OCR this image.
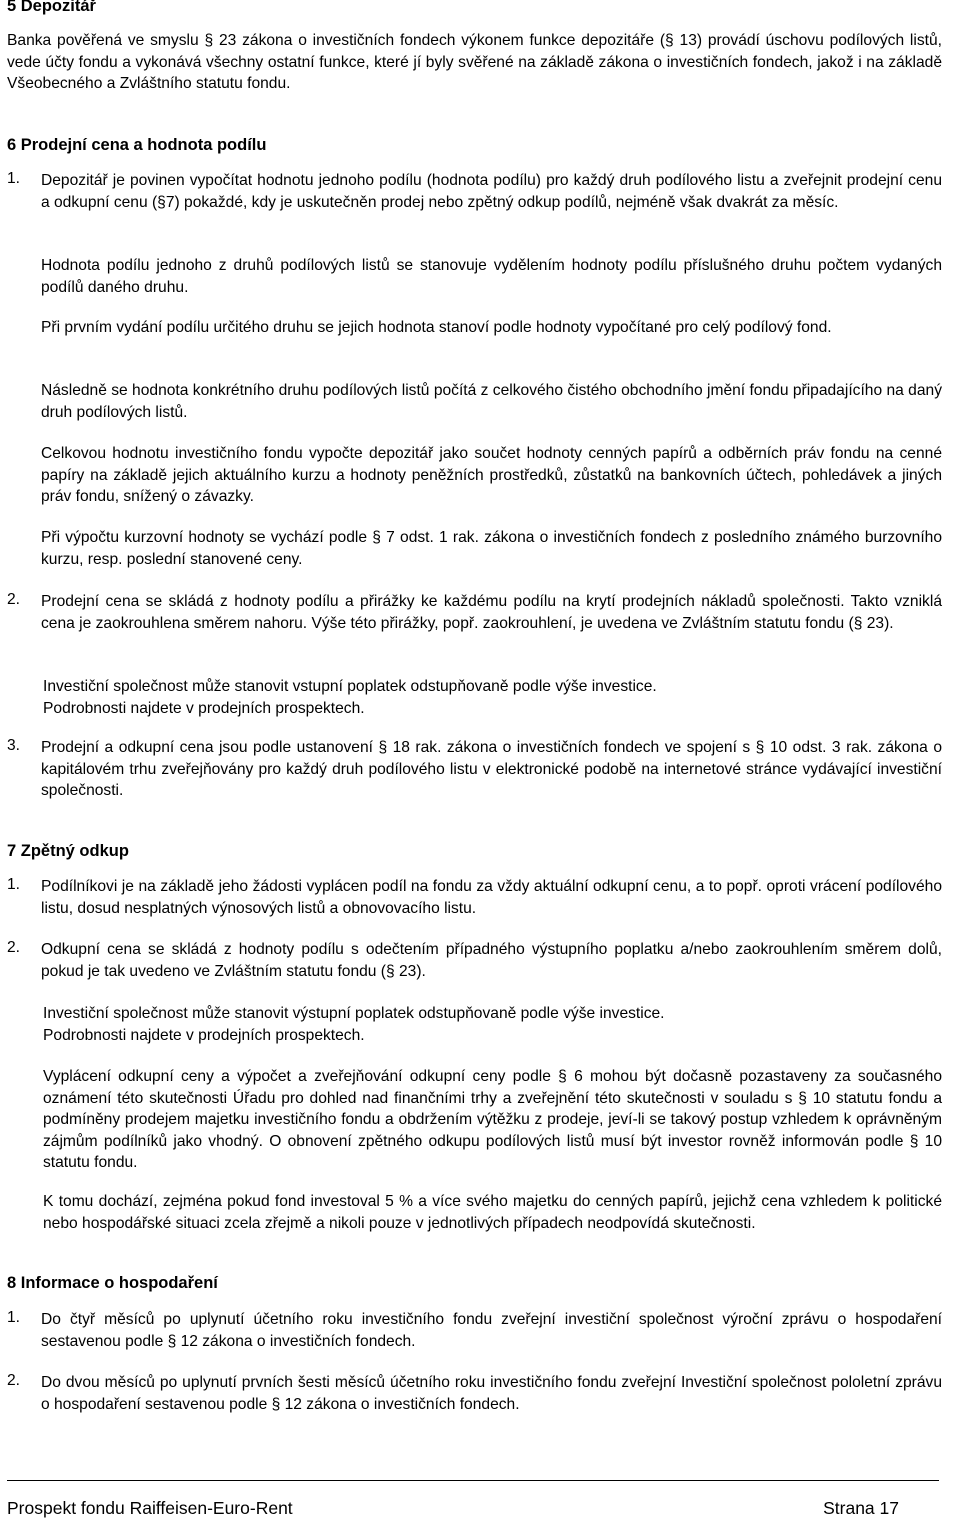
5 Depozitář

Banka pověřená ve smyslu § 23 zákona o investičních fondech výkonem funkce depozitáře (§ 13) provádí úschovu podílových listů, vede účty fondu a vykonává všechny ostatní funkce, které jí byly svěřené na základě zákona o investičních fondech, jakož i na základě Všeobecného a Zvláštního statutu fondu.

6 Prodejní cena a hodnota podílu
1. Depozitář je povinen vypočítat hodnotu jednoho podílu (hodnota podílu) pro každý druh podílového listu a zveřejnit prodejní cenu a odkupní cenu (§7) pokaždé, kdy je uskutečněn prodej nebo zpětný odkup podílů, nejméně však dvakrát za měsíc.

Hodnota podílu jednoho z druhů podílových listů se stanovuje vydělením hodnoty podílu příslušného druhu počtem vydaných podílů daného druhu.

Při prvním vydání podílu určitého druhu se jejich hodnota stanoví podle hodnoty vypočítané pro celý podílový fond.

Následně se hodnota konkrétního druhu podílových listů počítá z celkového čistého obchodního jmění fondu připadajícího na daný druh podílových listů.

Celkovou hodnotu investičního fondu vypočte depozitář jako součet hodnoty cenných papírů a odběrních práv fondu na cenné papíry na základě jejich aktuálního kurzu a hodnoty peněžních prostředků, zůstatků na bankovních účtech, pohledávek a jiných práv fondu, snížený o závazky.

Při výpočtu kurzovní hodnoty se vychází podle § 7 odst. 1 rak. zákona o investičních fondech z posledního známého burzovního kurzu, resp. poslední stanovené ceny.

2. Prodejní cena se skládá z hodnoty podílu a přirážky ke každému podílu na krytí prodejních nákladů společnosti. Takto vzniklá cena je zaokrouhlena směrem nahoru. Výše této přirážky, popř. zaokrouhlení, je uvedena ve Zvláštním statutu fondu (§ 23).

Investiční společnost může stanovit vstupní poplatek odstupňovaně podle výše investice.

Podrobnosti najdete v prodejních prospektech.

3. Prodejní a odkupní cena jsou podle ustanovení § 18 rak. zákona o investičních fondech ve spojení s § 10 odst. 3 rak. zákona o kapitálovém trhu zveřejňovány pro každý druh podílového listu v elektronické podobě na internetové stránce vydávající investiční společnosti.

7 Zpětný odkup
1. Podílníkovi je na základě jeho žádosti vyplácen podíl na fondu za vždy aktuální odkupní cenu, a to popř. oproti vrácení podílového listu, dosud nesplatných výnosových listů a obnovovacího listu.

2. Odkupní cena se skládá z hodnoty podílu s odečtením případného výstupního poplatku a/nebo zaokrouhlením směrem dolů, pokud je tak uvedeno ve Zvláštním statutu fondu (§ 23).

Investiční společnost může stanovit výstupní poplatek odstupňovaně podle výše investice.

Podrobnosti najdete v prodejních prospektech.

Vyplácení odkupní ceny a výpočet a zveřejňování odkupní ceny podle § 6 mohou být dočasně pozastaveny za současného oznámení této skutečnosti Úřadu pro dohled nad finančními trhy a zveřejnění této skutečnosti v souladu s § 10 statutu fondu a podmíněny prodejem majetku investičního fondu a obdržením výtěžku z prodeje, jeví-li se takový postup vzhledem k oprávněným zájmům podílníků jako vhodný. O obnovení zpětného odkupu podílových listů musí být investor rovněž informován podle § 10 statutu fondu.

K tomu dochází, zejména pokud fond investoval 5 % a více svého majetku do cenných papírů, jejichž cena vzhledem k politické nebo hospodářské situaci zcela zřejmě a nikoli pouze v jednotlivých případech neodpovídá skutečnosti.

8 Informace o hospodaření
1. Do čtyř měsíců po uplynutí účetního roku investičního fondu zveřejní investiční společnost výroční zprávu o hospodaření sestavenou podle § 12 zákona o investičních fondech.

2. Do dvou měsíců po uplynutí prvních šesti měsíců účetního roku investičního fondu zveřejní Investiční společnost pololetní zprávu o hospodaření sestavenou podle § 12 zákona o investičních fondech.

Prospekt fondu Raiffeisen-Euro-Rent	Strana 17
